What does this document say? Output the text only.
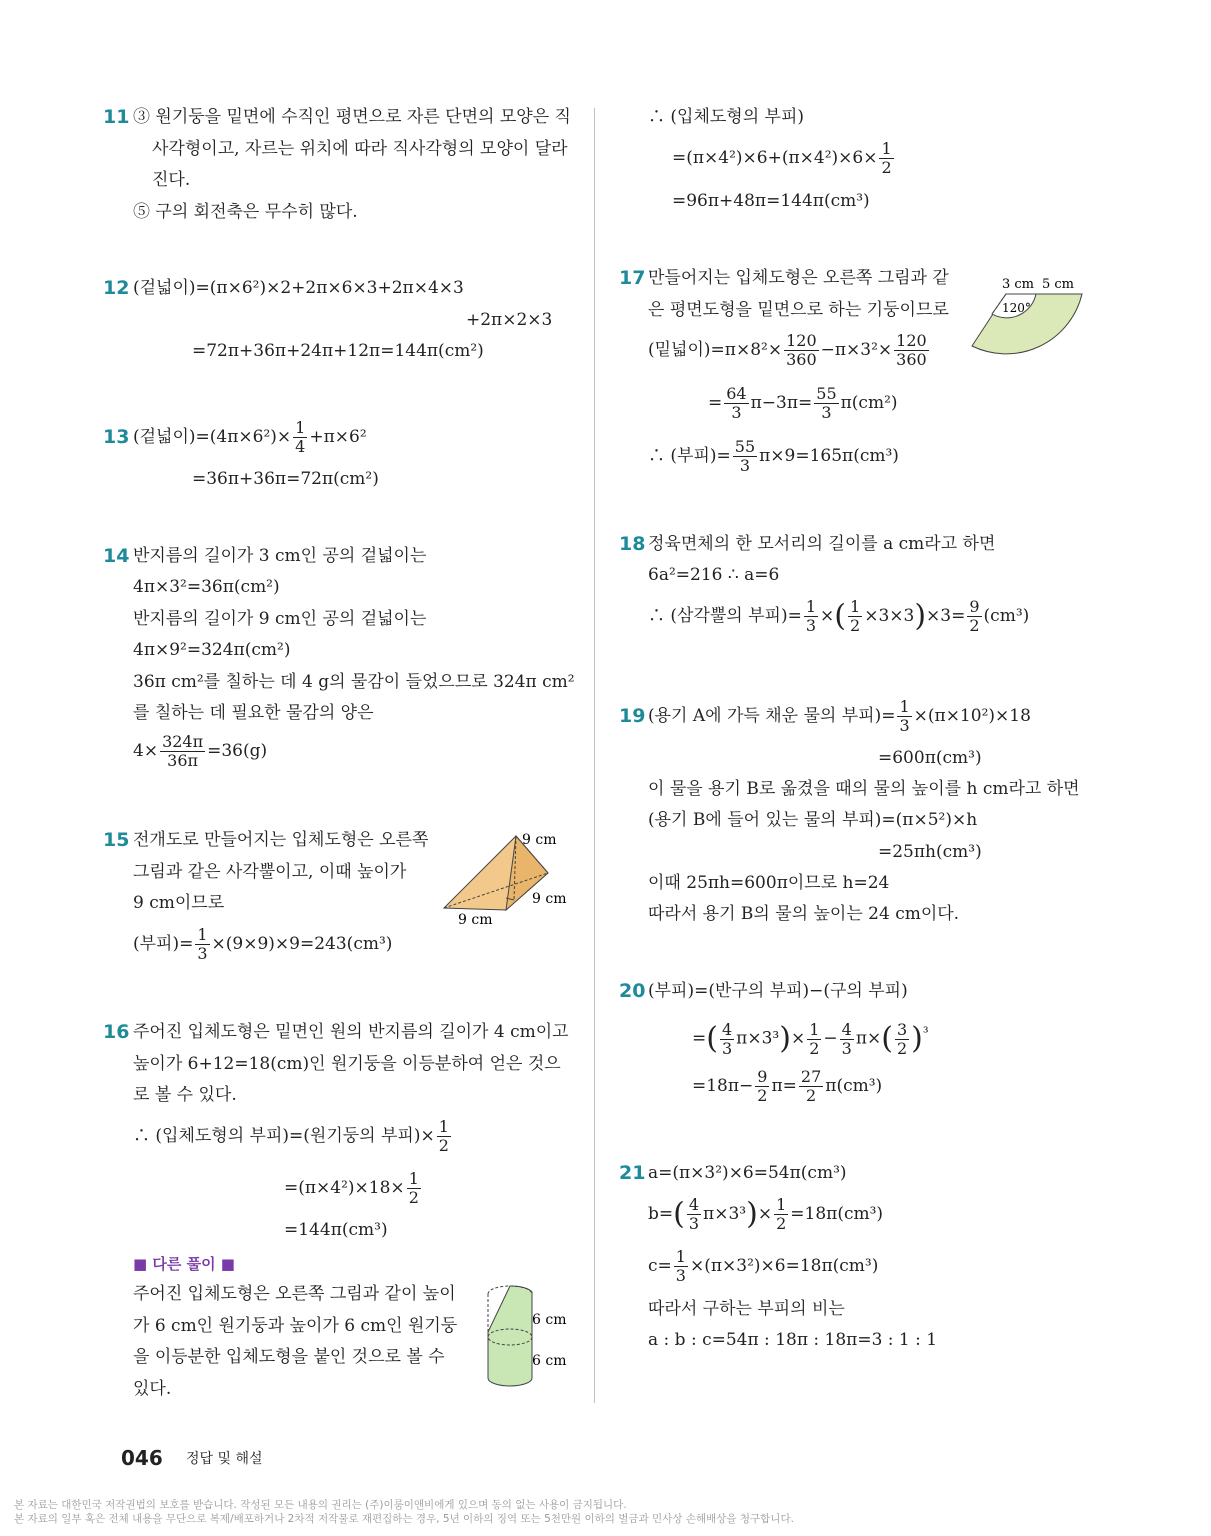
11 ③ 원기둥을 밑면에 수직인 평면으로 자른 단면의 모양은 직
사각형이고, 자르는 위치에 따라 직사각형의 모양이 달라
진다.
⑤ 구의 회전축은 무수히 많다.
12 (겉넓이)=(π×6²)×2+2π×6×3+2π×4×3
+2π×2×3
=72π+36π+24π+12π=144π(cm²)
13 (겉넓이)$=(4\pi\times 6^2)\times \frac{1}{4} +\pi\times 6^2$
=36π+36π=72π(cm²)
14 반지름의 길이가 3 cm인 공의 겉넓이는
4π×3²=36π(cm²)
반지름의 길이가 9 cm인 공의 겉넓이는
4π×9²=324π(cm²)
36π cm²를 칠하는 데 4 g의 물감이 들었으므로 324π cm²
를 칠하는 데 필요한 물감의 양은
$4\times \frac{324\pi}{36\pi} =36(g)$
15 전개도로 만들어지는 입체도형은 오른쪽
그림과 같은 사각뿔이고, 이때 높이가
9 cm이므로
(부피)= $\frac{1}{3} \times(9\times 9)\times 9=243(cm^3)$
9 cm
9 cm
9 cm
16 주어진 입체도형은 밑면인 원의 반지름의 길이가 4 cm이고
높이가 6+12=18(cm)인 원기둥을 이등분하여 얻은 것으
로 볼 수 있다.
∴ (입체도형의 부피)=(원기둥의 부피)× $\frac{1}{2}$
$=(\pi\times 4^2)\times 18\times \frac{1}{2}$
=144π(cm³)
■ 다른 풀이 ■
주어진 입체도형은 오른쪽 그림과 같이 높이
가 6 cm인 원기둥과 높이가 6 cm인 원기둥
을 이등분한 입체도형을 붙인 것으로 볼 수
있다.
6 cm
6 cm
∴ (입체도형의 부피)
$=(\pi\times 4^2)\times 6+(\pi\times 4^2)\times 6\times \frac{1}{2}$
=96π+48π=144π(cm³)
17 만들어지는 입체도형은 오른쪽 그림과 같
은 평면도형을 밑면으로 하는 기둥이므로
(밑넓이)$=\pi\times 8^2\times \frac{120}{360} -\pi\times 3^2\times \frac{120}{360}$
= $\frac{64}{3} \pi-3\pi= \frac{55}{3} \pi(cm^2)$
∴ (부피)= $\frac{55}{3} \pi\times 9=165\pi(cm^3)$
3 cm 5 cm
120°
18 정육면체의 한 모서리의 길이를 a cm라고 하면
6a²=216 ∴ a=6
∴ (삼각뿔의 부피)= $\frac{1}{3}$ ×( $\frac{1}{2} \times 3\times 3)\times 3= \frac{9}{2} (cm^3)$
19 (용기 A에 가득 채운 물의 부피)= $\frac{1}{3} \times(\pi\times 10^2)\times 18$
=600π(cm³)
이 물을 용기 B로 옮겼을 때의 물의 높이를 h cm라고 하면
(용기 B에 들어 있는 물의 부피)=(π×5²)×h
=25πh(cm³)
이때 25πh=600π이므로 h=24
따라서 용기 B의 물의 높이는 24 cm이다.
20 (부피)=(반구의 부피)−(구의 부피)
=( $\frac{4}{3} \pi\times 3^3)\times \frac{1}{2} - \frac{4}{3} \pi\times( \frac{3}{2} )^{^3}$
$=18\pi- \frac{9}{2} \pi= \frac{27}{2} \pi(cm^3)$
21 a=(π×3²)×6=54π(cm³)
$b=( \frac{4}{3} \pi\times 3^3)\times \frac{1}{2} =18\pi(cm^3)$
$c= \frac{1}{3} \times(\pi\times 3^2)\times 6=18\pi(cm^3)$
따라서 구하는 부피의 비는
a : b : c=54π : 18π : 18π=3 : 1 : 1
046 정답 및 해설
본 자료는 대한민국 저작권법의 보호를 받습니다. 작성된 모든 내용의 권리는 (주)이룸이앤비에게 있으며 동의 없는 사용이 금지됩니다.
본 자료의 일부 혹은 전체 내용을 무단으로 복제/배포하거나 2차적 저작물로 재편집하는 경우, 5년 이하의 징역 또는 5천만원 이하의 벌금과 민사상 손해배상을 청구합니다.
